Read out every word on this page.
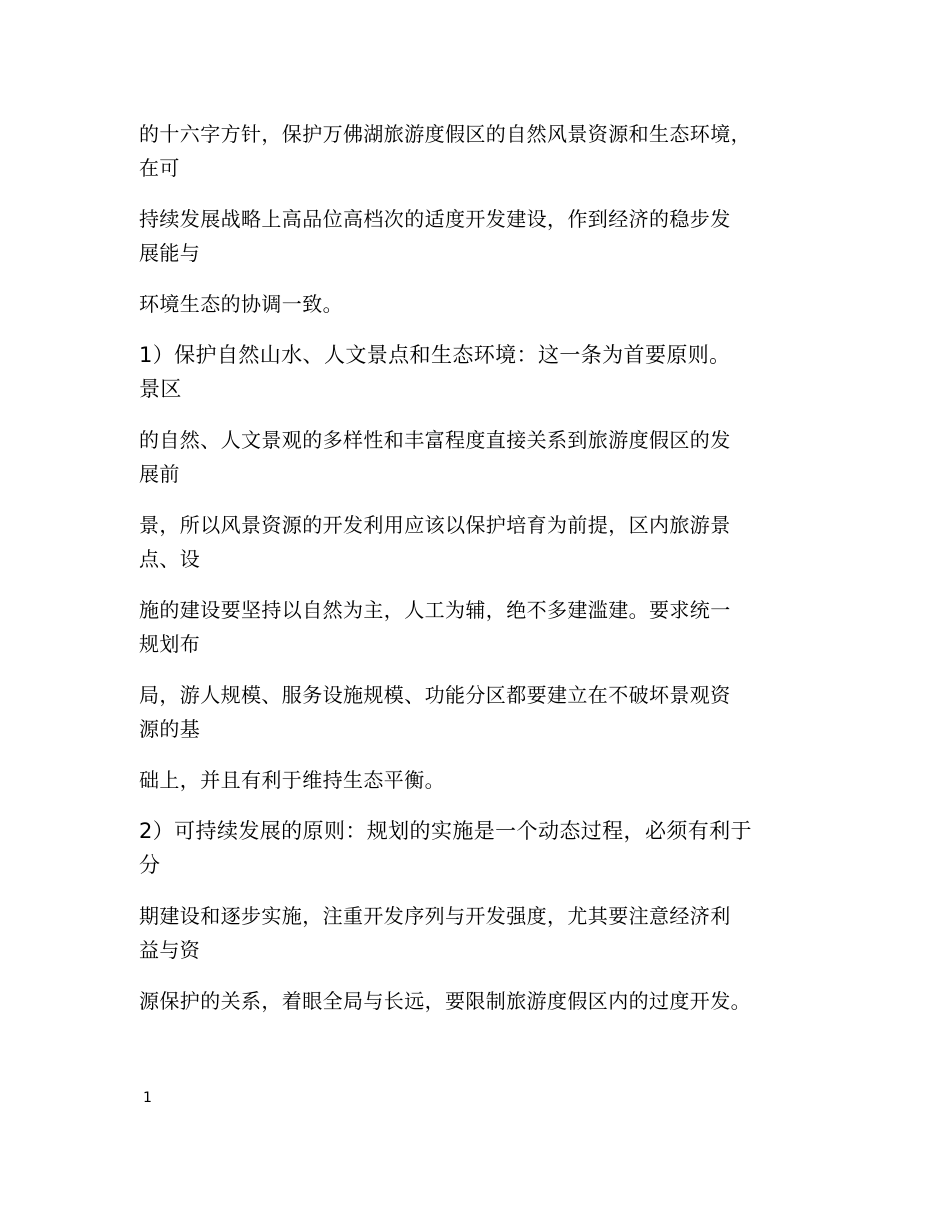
的十六字方针，保护万佛湖旅游度假区的自然风景资源和生态环境，
在可

持续发展战略上高品位高档次的适度开发建设，作到经济的稳步发
展能与

环境生态的协调一致。

1）保护自然山水、人文景点和生态环境：这一条为首要原则。
景区

的自然、人文景观的多样性和丰富程度直接关系到旅游度假区的发
展前

景，所以风景资源的开发利用应该以保护培育为前提，区内旅游景
点、设

施的建设要坚持以自然为主，人工为辅，绝不多建滥建。要求统一
规划布

局，游人规模、服务设施规模、功能分区都要建立在不破坏景观资
源的基

础上，并且有利于维持生态平衡。

2）可持续发展的原则：规划的实施是一个动态过程，必须有利于
分

期建设和逐步实施，注重开发序列与开发强度，尤其要注意经济利
益与资

源保护的关系，着眼全局与长远，要限制旅游度假区内的过度开发。

1
